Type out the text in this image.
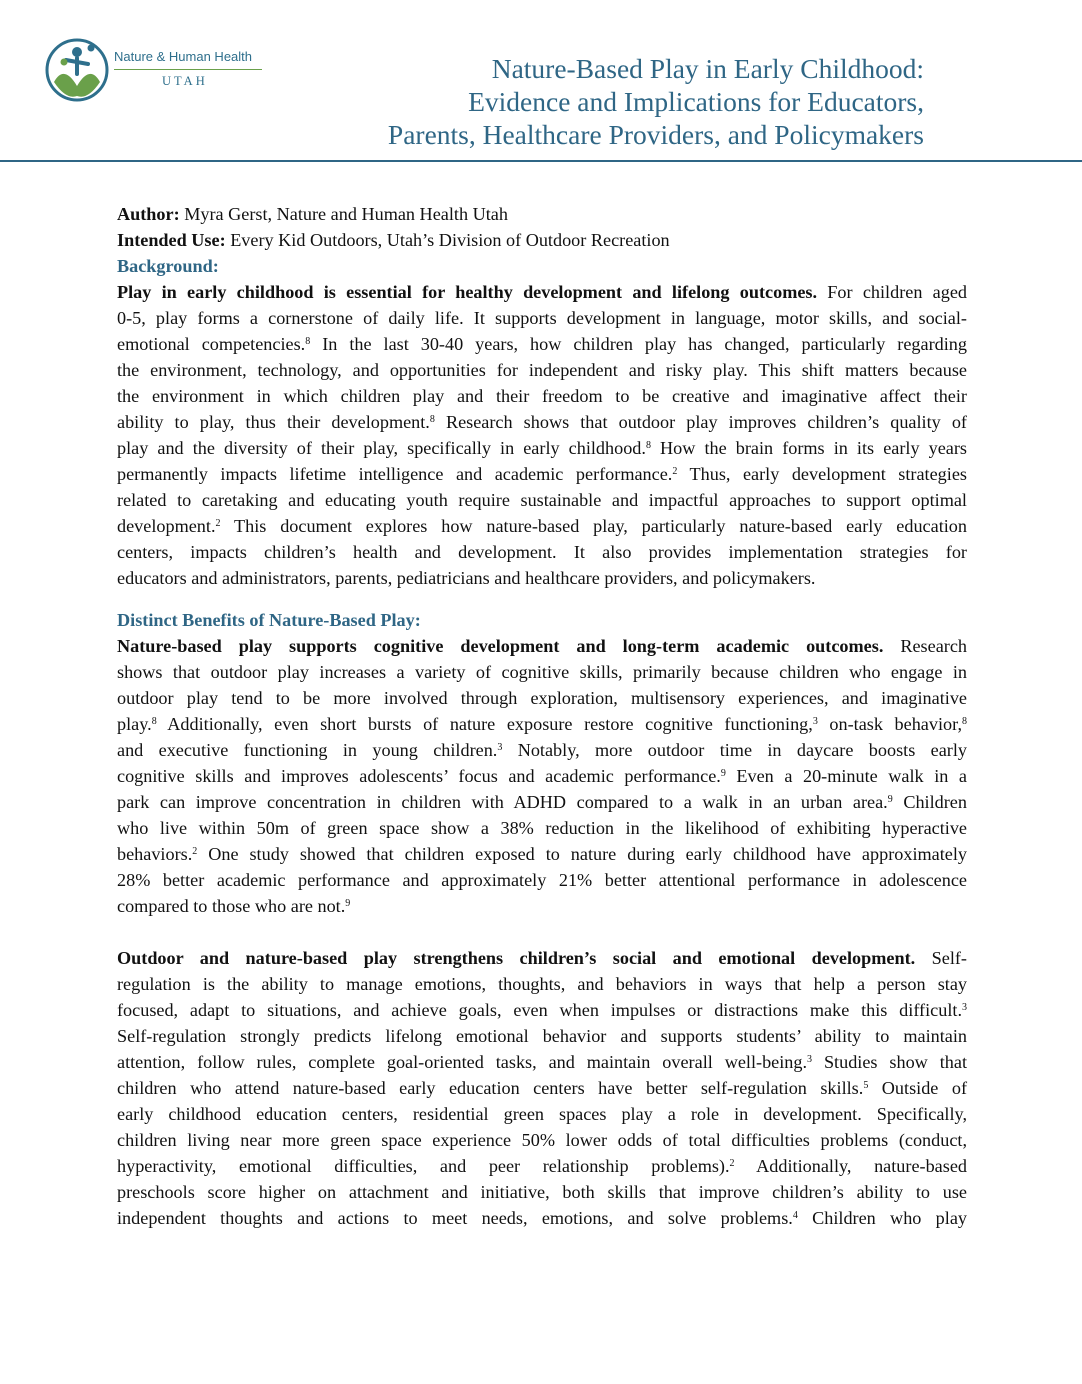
Nature & Human Health
UTAH	Nature-Based Play in Early Childhood:
Evidence and Implications for Educators,
Parents, Healthcare Providers, and Policymakers

Author: Myra Gerst, Nature and Human Health Utah

Intended Use: Every Kid Outdoors, Utah’s Division of Outdoor Recreation

Background:

Play in early childhood is essential for healthy development and lifelong outcomes. For children aged
0-5, play forms a cornerstone of daily life. It supports development in language, motor skills, and social-
emotional competencies.$^8$ In the last 30-40 years, how children play has changed, particularly regarding
the environment, technology, and opportunities for independent and risky play. This shift matters because
the environment in which children play and their freedom to be creative and imaginative affect their
ability to play, thus their development.$^8$ Research shows that outdoor play improves children’s quality of
play and the diversity of their play, specifically in early childhood.$^8$ How the brain forms in its early years
permanently impacts lifetime intelligence and academic performance.$^2$ Thus, early development strategies
related to caretaking and educating youth require sustainable and impactful approaches to support optimal
development.$^2$ This document explores how nature-based play, particularly nature-based early education
centers, impacts children’s health and development. It also provides implementation strategies for
educators and administrators, parents, pediatricians and healthcare providers, and policymakers.

Distinct Benefits of Nature-Based Play:

Nature-based play supports cognitive development and long-term academic outcomes. Research
shows that outdoor play increases a variety of cognitive skills, primarily because children who engage in
outdoor play tend to be more involved through exploration, multisensory experiences, and imaginative
play.$^8$ Additionally, even short bursts of nature exposure restore cognitive functioning,$^3$ on-task behavior,$^8$
and executive functioning in young children.$^3$ Notably, more outdoor time in daycare boosts early
cognitive skills and improves adolescents’ focus and academic performance.$^9$ Even a 20-minute walk in a
park can improve concentration in children with ADHD compared to a walk in an urban area.$^9$ Children
who live within 50m of green space show a 38% reduction in the likelihood of exhibiting hyperactive
behaviors.$^2$ One study showed that children exposed to nature during early childhood have approximately
28% better academic performance and approximately 21% better attentional performance in adolescence
compared to those who are not.$^9$

Outdoor and nature-based play strengthens children’s social and emotional development. Self-
regulation is the ability to manage emotions, thoughts, and behaviors in ways that help a person stay
focused, adapt to situations, and achieve goals, even when impulses or distractions make this difficult.$^3$
Self-regulation strongly predicts lifelong emotional behavior and supports students’ ability to maintain
attention, follow rules, complete goal-oriented tasks, and maintain overall well-being.$^3$ Studies show that
children who attend nature-based early education centers have better self-regulation skills.$^5$ Outside of
early childhood education centers, residential green spaces play a role in development. Specifically,
children living near more green space experience 50% lower odds of total difficulties problems (conduct,
hyperactivity, emotional difficulties, and peer relationship problems).$^2$ Additionally, nature-based
preschools score higher on attachment and initiative, both skills that improve children’s ability to use
independent thoughts and actions to meet needs, emotions, and solve problems.$^4$ Children who play
